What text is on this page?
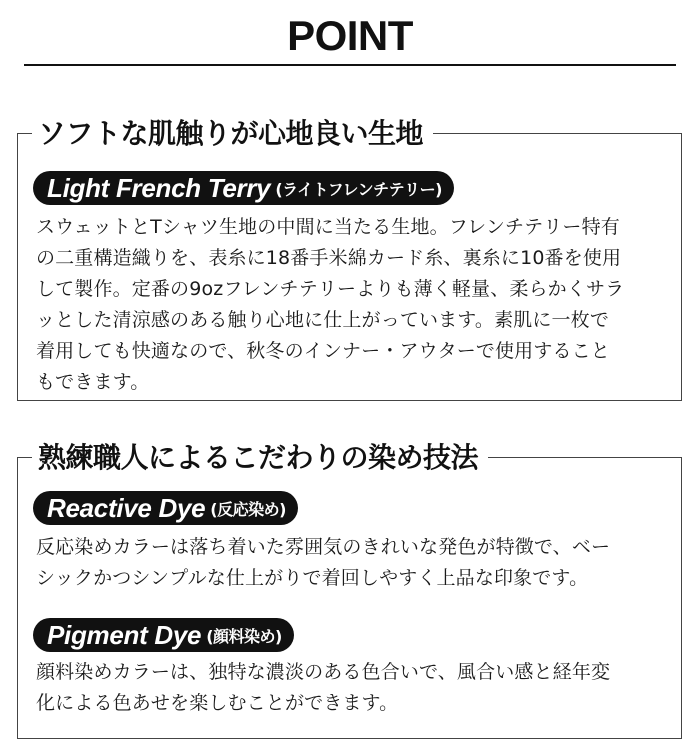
POINT
ソフトな肌触りが心地良い生地
Light French Terry (ライトフレンチテリー)
スウェットとTシャツ生地の中間に当たる生地。フレンチテリー特有
の二重構造織りを、表糸に18番手米綿カード糸、裏糸に10番を使用
して製作。定番の9ozフレンチテリーよりも薄く軽量、柔らかくサラ
ッとした清涼感のある触り心地に仕上がっています。素肌に一枚で
着用しても快適なので、秋冬のインナー・アウターで使用すること
もできます。
熟練職人によるこだわりの染め技法
Reactive Dye (反応染め)
反応染めカラーは落ち着いた雰囲気のきれいな発色が特徴で、ベー
シックかつシンプルな仕上がりで着回しやすく上品な印象です。
Pigment Dye (顔料染め)
顔料染めカラーは、独特な濃淡のある色合いで、風合い感と経年変
化による色あせを楽しむことができます。
